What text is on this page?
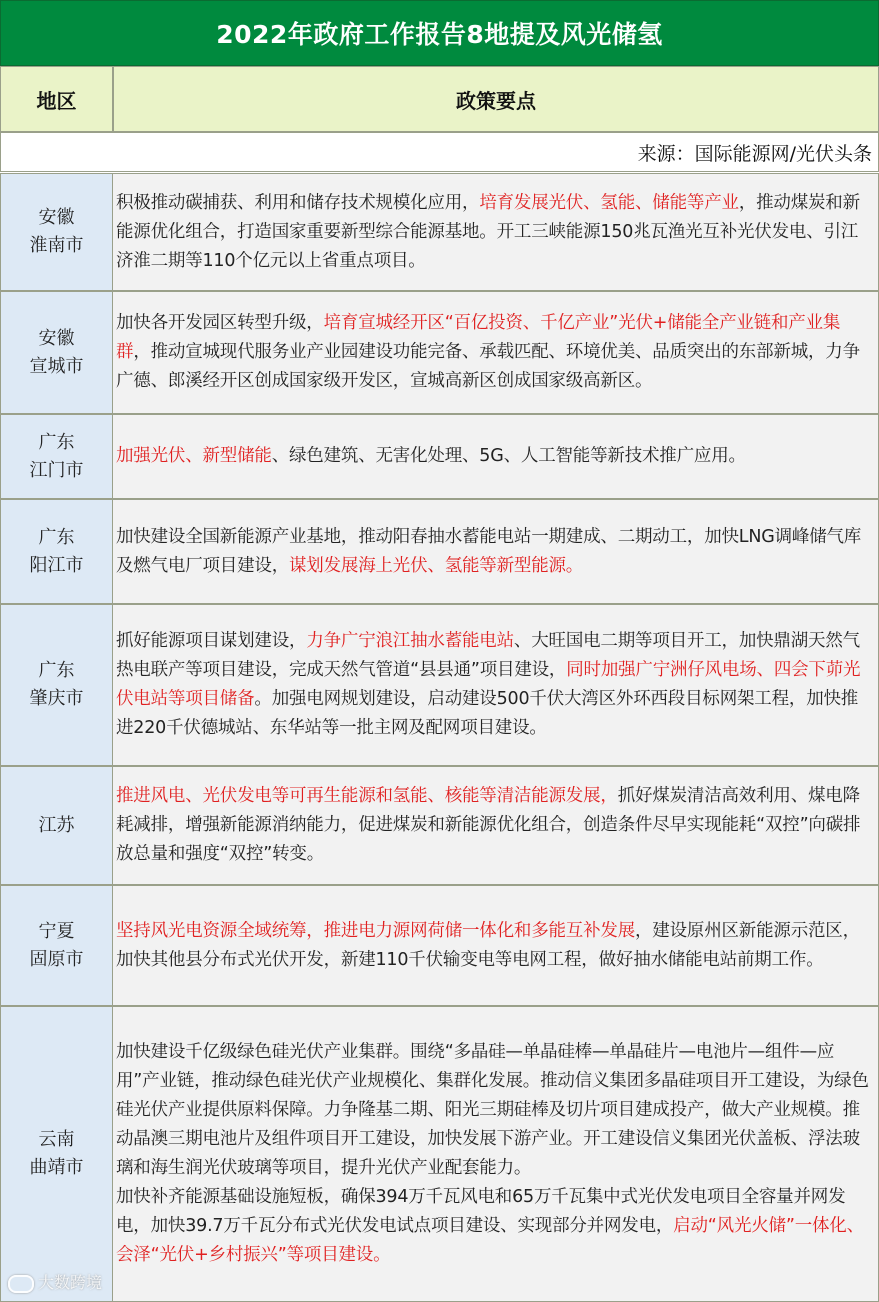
2022年政府工作报告8地提及风光储氢
地区	政策要点
来源：国际能源网/光伏头条
安徽
淮南市
积极推动碳捕获、利用和储存技术规模化应用，培育发展光伏、氢能、储能等产业，推动煤炭和新能源优化组合，打造国家重要新型综合能源基地。开工三峡能源150兆瓦渔光互补光伏发电、引江济淮二期等110个亿元以上省重点项目。
安徽
宣城市
加快各开发园区转型升级，培育宣城经开区“百亿投资、千亿产业”光伏+储能全产业链和产业集群，推动宣城现代服务业产业园建设功能完备、承载匹配、环境优美、品质突出的东部新城，力争广德、郎溪经开区创成国家级开发区，宣城高新区创成国家级高新区。
广东
江门市
加强光伏、新型储能、绿色建筑、无害化处理、5G、人工智能等新技术推广应用。
广东
阳江市
加快建设全国新能源产业基地，推动阳春抽水蓄能电站一期建成、二期动工，加快LNG调峰储气库及燃气电厂项目建设，谋划发展海上光伏、氢能等新型能源。
广东
肇庆市
抓好能源项目谋划建设，力争广宁浪江抽水蓄能电站、大旺国电二期等项目开工，加快鼎湖天然气热电联产等项目建设，完成天然气管道“县县通”项目建设，同时加强广宁洲仔风电场、四会下茆光伏电站等项目储备。加强电网规划建设，启动建设500千伏大湾区外环西段目标网架工程，加快推进220千伏德城站、东华站等一批主网及配网项目建设。
江苏
推进风电、光伏发电等可再生能源和氢能、核能等清洁能源发展，抓好煤炭清洁高效利用、煤电降耗减排，增强新能源消纳能力，促进煤炭和新能源优化组合，创造条件尽早实现能耗“双控”向碳排放总量和强度“双控”转变。
宁夏
固原市
坚持风光电资源全域统筹，推进电力源网荷储一体化和多能互补发展，建设原州区新能源示范区，加快其他县分布式光伏开发，新建110千伏输变电等电网工程，做好抽水储能电站前期工作。
云南
曲靖市
加快建设千亿级绿色硅光伏产业集群。围绕“多晶硅—单晶硅棒—单晶硅片—电池片—组件—应用”产业链，推动绿色硅光伏产业规模化、集群化发展。推动信义集团多晶硅项目开工建设，为绿色硅光伏产业提供原料保障。力争隆基二期、阳光三期硅棒及切片项目建成投产，做大产业规模。推动晶澳三期电池片及组件项目开工建设，加快发展下游产业。开工建设信义集团光伏盖板、浮法玻璃和海生润光伏玻璃等项目，提升光伏产业配套能力。
加快补齐能源基础设施短板，确保394万千瓦风电和65万千瓦集中式光伏发电项目全容量并网发电，加快39.7万千瓦分布式光伏发电试点项目建设、实现部分并网发电，启动“风光火储”一体化、会泽“光伏+乡村振兴”等项目建设。
大数跨境
